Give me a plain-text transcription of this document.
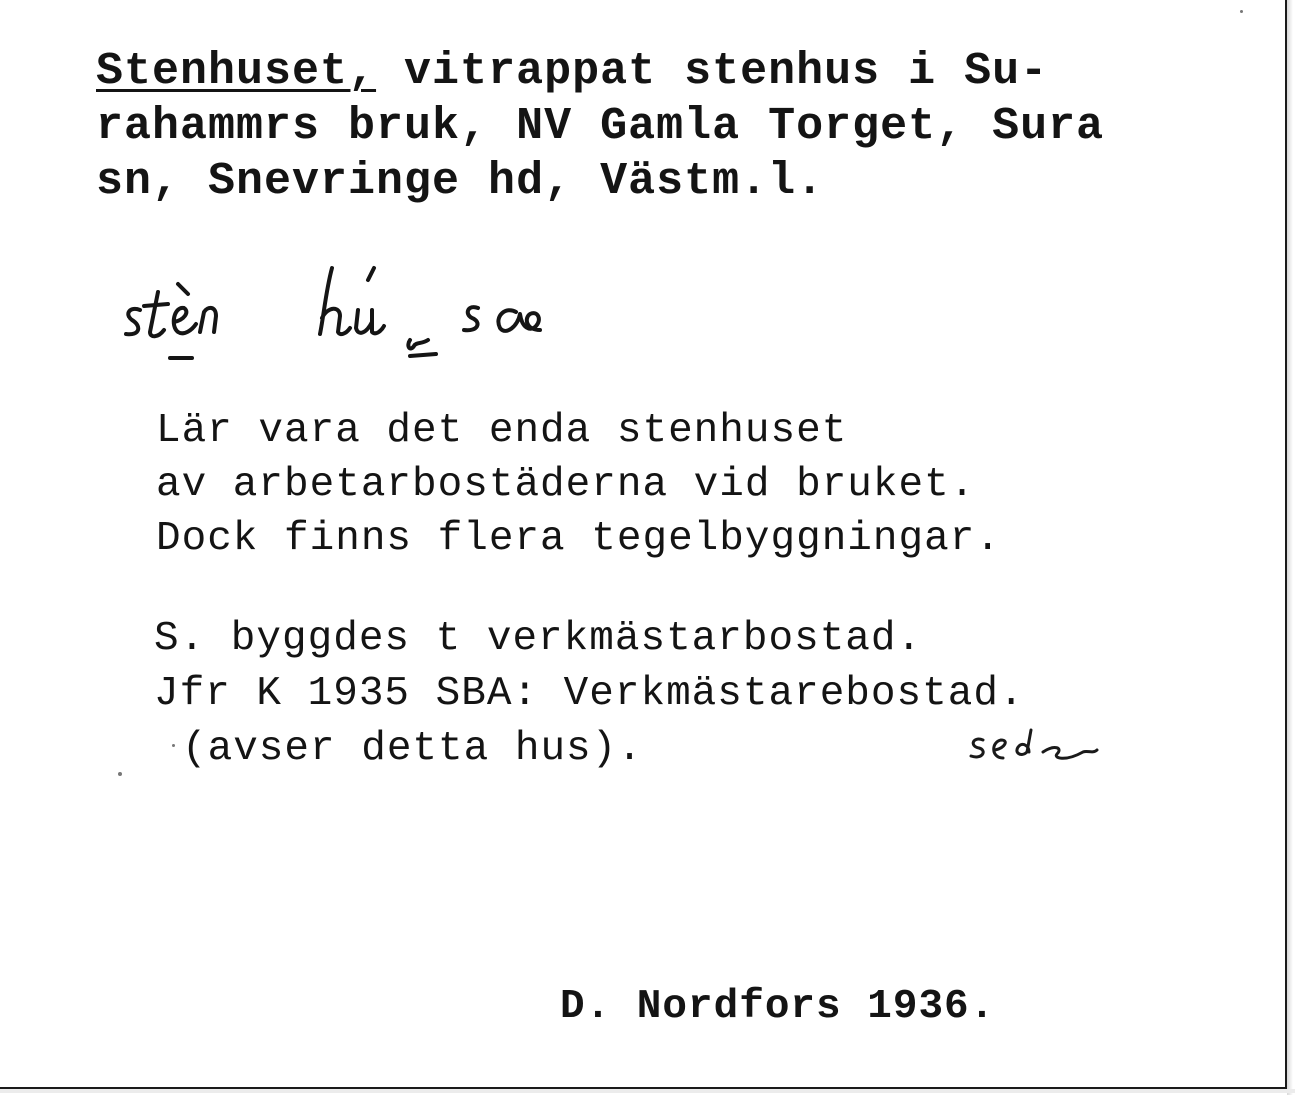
Stenhuset, vitrappat stenhus i Su-
rahammrs bruk, NV Gamla Torget, Sura
sn, Snevringe hd, Västm.l.
Lär vara det enda stenhuset
av arbetarbostäderna vid bruket.
Dock finns flera tegelbyggningar.
S. byggdes t verkmästarbostad.
Jfr K 1935 SBA: Verkmästarebostad.
(avser detta hus).
D. Nordfors 1936.
